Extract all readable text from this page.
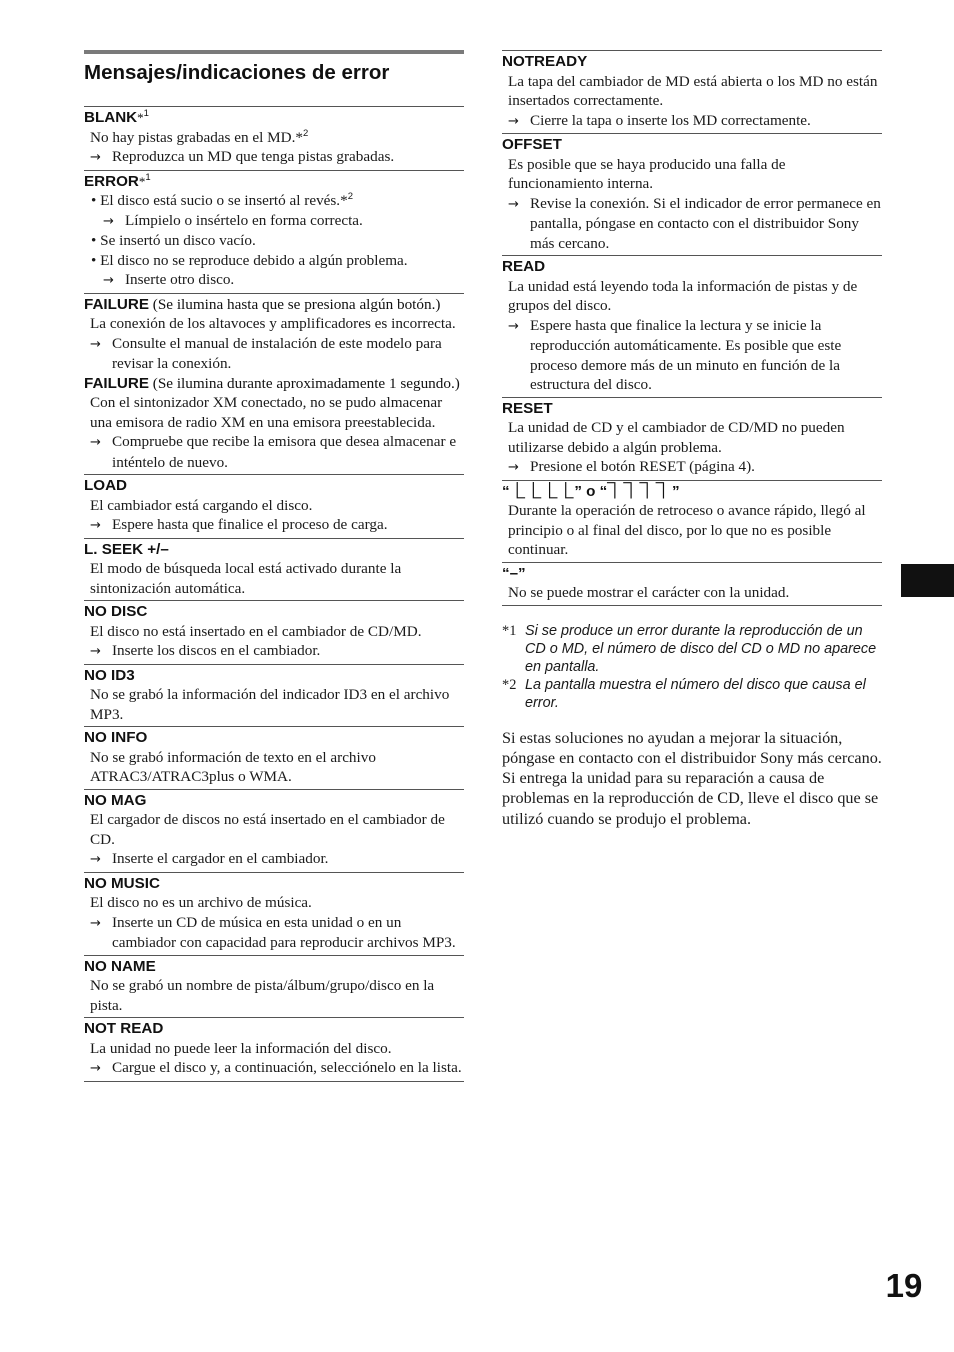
Mensajes/indicaciones de error
BLANK*$^1$
No hay pistas grabadas en el MD.*$^2$
→ Reproduzca un MD que tenga pistas grabadas.
ERROR*$^1$
• El disco está sucio o se insertó al revés.*$^2$
→ Límpielo o insértelo en forma correcta.
• Se insertó un disco vacío.
• El disco no se reproduce debido a algún problema.
→ Inserte otro disco.
FAILURE (Se ilumina hasta que se presiona algún botón.)
La conexión de los altavoces y amplificadores es incorrecta.
→ Consulte el manual de instalación de este modelo para revisar la conexión.
FAILURE (Se ilumina durante aproximadamente 1 segundo.)
Con el sintonizador XM conectado, no se pudo almacenar una emisora de radio XM en una emisora preestablecida.
→ Compruebe que recibe la emisora que desea almacenar e inténtelo de nuevo.
LOAD
El cambiador está cargando el disco.
→ Espere hasta que finalice el proceso de carga.
L. SEEK +/–
El modo de búsqueda local está activado durante la sintonización automática.
NO DISC
El disco no está insertado en el cambiador de CD/MD.
→ Inserte los discos en el cambiador.
NO ID3
No se grabó la información del indicador ID3 en el archivo MP3.
NO INFO
No se grabó información de texto en el archivo ATRAC3/ATRAC3plus o WMA.
NO MAG
El cargador de discos no está insertado en el cambiador de CD.
→ Inserte el cargador en el cambiador.
NO MUSIC
El disco no es un archivo de música.
→ Inserte un CD de música en esta unidad o en un cambiador con capacidad para reproducir archivos MP3.
NO NAME
No se grabó un nombre de pista/álbum/grupo/disco en la pista.
NOT READ
La unidad no puede leer la información del disco.
→ Cargue el disco y, a continuación, selecciónelo en la lista.
NOTREADY
La tapa del cambiador de MD está abierta o los MD no están insertados correctamente.
→ Cierre la tapa o inserte los MD correctamente.
OFFSET
Es posible que se haya producido una falla de funcionamiento interna.
→ Revise la conexión. Si el indicador de error permanece en pantalla, póngase en contacto con el distribuidor Sony más cercano.
READ
La unidad está leyendo toda la información de pistas y de grupos del disco.
→ Espere hasta que finalice la lectura y se inicie la reproducción automáticamente. Es posible que este proceso demore más de un minuto en función de la estructura del disco.
RESET
La unidad de CD y el cambiador de CD/MD no pueden utilizarse debido a algún problema.
→ Presione el botón RESET (página 4).
“⎿⎿⎿⎿” o “⏋⏋⏋⏋”
Durante la operación de retroceso o avance rápido, llegó al principio o al final del disco, por lo que no es posible continuar.
“–”
No se puede mostrar el carácter con la unidad.
*1 Si se produce un error durante la reproducción de un CD o MD, el número de disco del CD o MD no aparece en pantalla.
*2 La pantalla muestra el número del disco que causa el error.
Si estas soluciones no ayudan a mejorar la situación, póngase en contacto con el distribuidor Sony más cercano.
Si entrega la unidad para su reparación a causa de problemas en la reproducción de CD, lleve el disco que se utilizó cuando se produjo el problema.
19
